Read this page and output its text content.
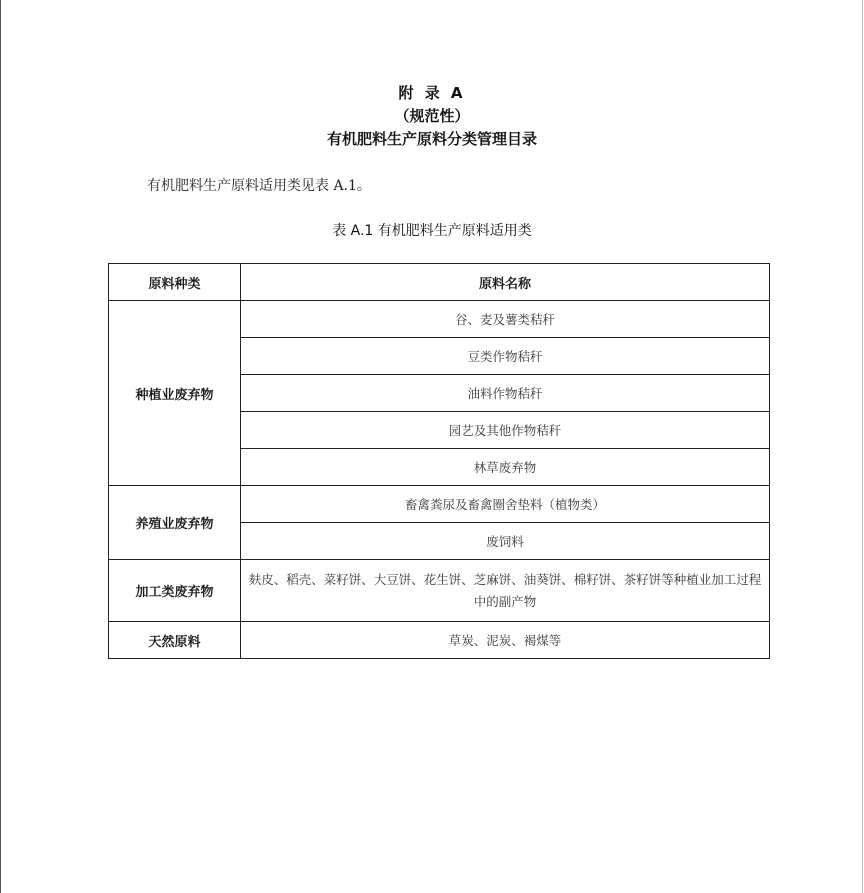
附 录 A
（规范性）
有机肥料生产原料分类管理目录
有机肥料生产原料适用类见表 A.1。
表 A.1 有机肥料生产原料适用类
原料种类	原料名称
种植业废弃物	谷、麦及薯类秸秆
	豆类作物秸秆
	油料作物秸秆
	园艺及其他作物秸秆
	林草废弃物
养殖业废弃物	畜禽粪尿及畜禽圈舍垫料（植物类）
	废饲料
加工类废弃物	麸皮、稻壳、菜籽饼、大豆饼、花生饼、芝麻饼、油葵饼、棉籽饼、茶籽饼等种植业加工过程中的副产物
天然原料	草炭、泥炭、褐煤等
